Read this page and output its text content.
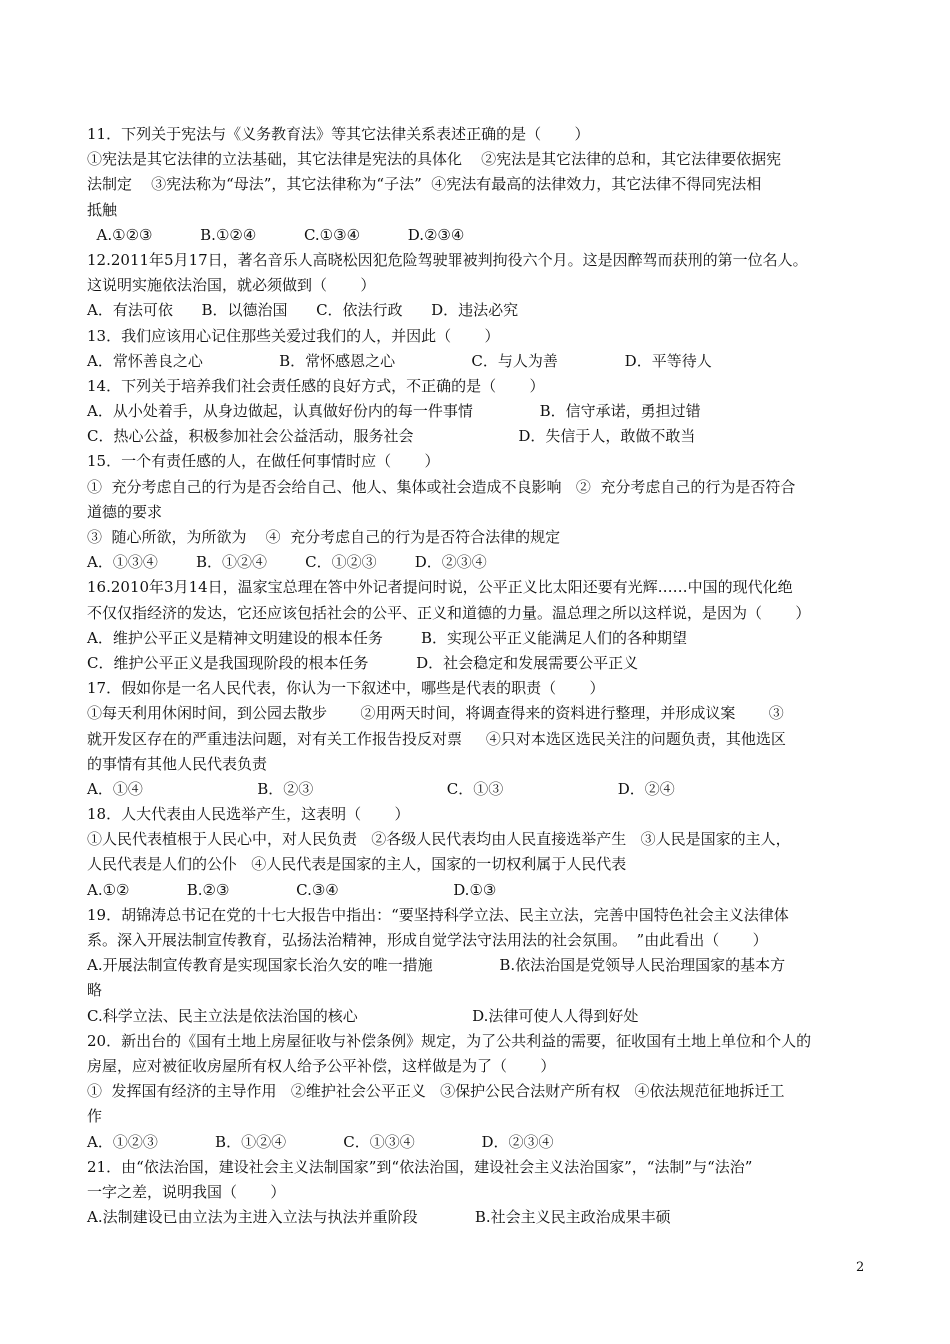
11．下列关于宪法与《义务教育法》等其它法律关系表述正确的是（       ）
①宪法是其它法律的立法基础，其它法律是宪法的具体化    ②宪法是其它法律的总和，其它法律要依据宪
法制定    ③宪法称为“母法”，其它法律称为“子法”  ④宪法有最高的法律效力，其它法律不得同宪法相
抵触
A.①②③          B.①②④          C.①③④          D.②③④
12.2011年5月17日，著名音乐人高晓松因犯危险驾驶罪被判拘役六个月。这是因醉驾而获刑的第一位名人。
这说明实施依法治国，就必须做到（       ）
A．有法可依      B．以德治国      C．依法行政      D．违法必究
13．我们应该用心记住那些关爱过我们的人，并因此（       ）
A．常怀善良之心                B．常怀感恩之心                C．与人为善              D．平等待人
14．下列关于培养我们社会责任感的良好方式，不正确的是（       ）
A．从小处着手，从身边做起，认真做好份内的每一件事情              B．信守承诺，勇担过错
C．热心公益，积极参加社会公益活动，服务社会                      D．失信于人，敢做不敢当
15．一个有责任感的人，在做任何事情时应（       ）
①  充分考虑自己的行为是否会给自己、他人、集体或社会造成不良影响   ②  充分考虑自己的行为是否符合
道德的要求
③  随心所欲，为所欲为    ④  充分考虑自己的行为是否符合法律的规定
A．①③④        B．①②④        C．①②③        D．②③④
16.2010年3月14日，温家宝总理在答中外记者提问时说，公平正义比太阳还要有光辉……中国的现代化绝
不仅仅指经济的发达，它还应该包括社会的公平、正义和道德的力量。温总理之所以这样说，是因为（       ）
A．维护公平正义是精神文明建设的根本任务        B．实现公平正义能满足人们的各种期望
C．维护公平正义是我国现阶段的根本任务          D．社会稳定和发展需要公平正义
17．假如你是一名人民代表，你认为一下叙述中，哪些是代表的职责（       ）
①每天利用休闲时间，到公园去散步       ②用两天时间，将调查得来的资料进行整理，并形成议案       ③
就开发区存在的严重违法问题，对有关工作报告投反对票     ④只对本选区选民关注的问题负责，其他选区
的事情有其他人民代表负责
A．①④                        B．②③                            C．①③                        D．②④
18．人大代表由人民选举产生，这表明（       ）
①人民代表植根于人民心中，对人民负责   ②各级人民代表均由人民直接选举产生   ③人民是国家的主人，
人民代表是人们的公仆   ④人民代表是国家的主人，国家的一切权利属于人民代表
A.①②            B.②③              C.③④                        D.①③
19．胡锦涛总书记在党的十七大报告中指出：“要坚持科学立法、民主立法，完善中国特色社会主义法律体
系。深入开展法制宣传教育，弘扬法治精神，形成自觉学法守法用法的社会氛围。  ”由此看出（       ）
A.开展法制宣传教育是实现国家长治久安的唯一措施              B.依法治国是党领导人民治理国家的基本方
略
C.科学立法、民主立法是依法治国的核心                        D.法律可使人人得到好处
20．新出台的《国有土地上房屋征收与补偿条例》规定，为了公共利益的需要，征收国有土地上单位和个人的
房屋，应对被征收房屋所有权人给予公平补偿，这样做是为了（       ）
①  发挥国有经济的主导作用   ②维护社会公平正义   ③保护公民合法财产所有权   ④依法规范征地拆迁工
作
A．①②③            B．①②④            C．①③④              D．②③④
21．由“依法治国，建设社会主义法制国家”到“依法治国，建设社会主义法治国家”，“法制”与“法治”
一字之差，说明我国（       ）
A.法制建设已由立法为主进入立法与执法并重阶段            B.社会主义民主政治成果丰硕
2
